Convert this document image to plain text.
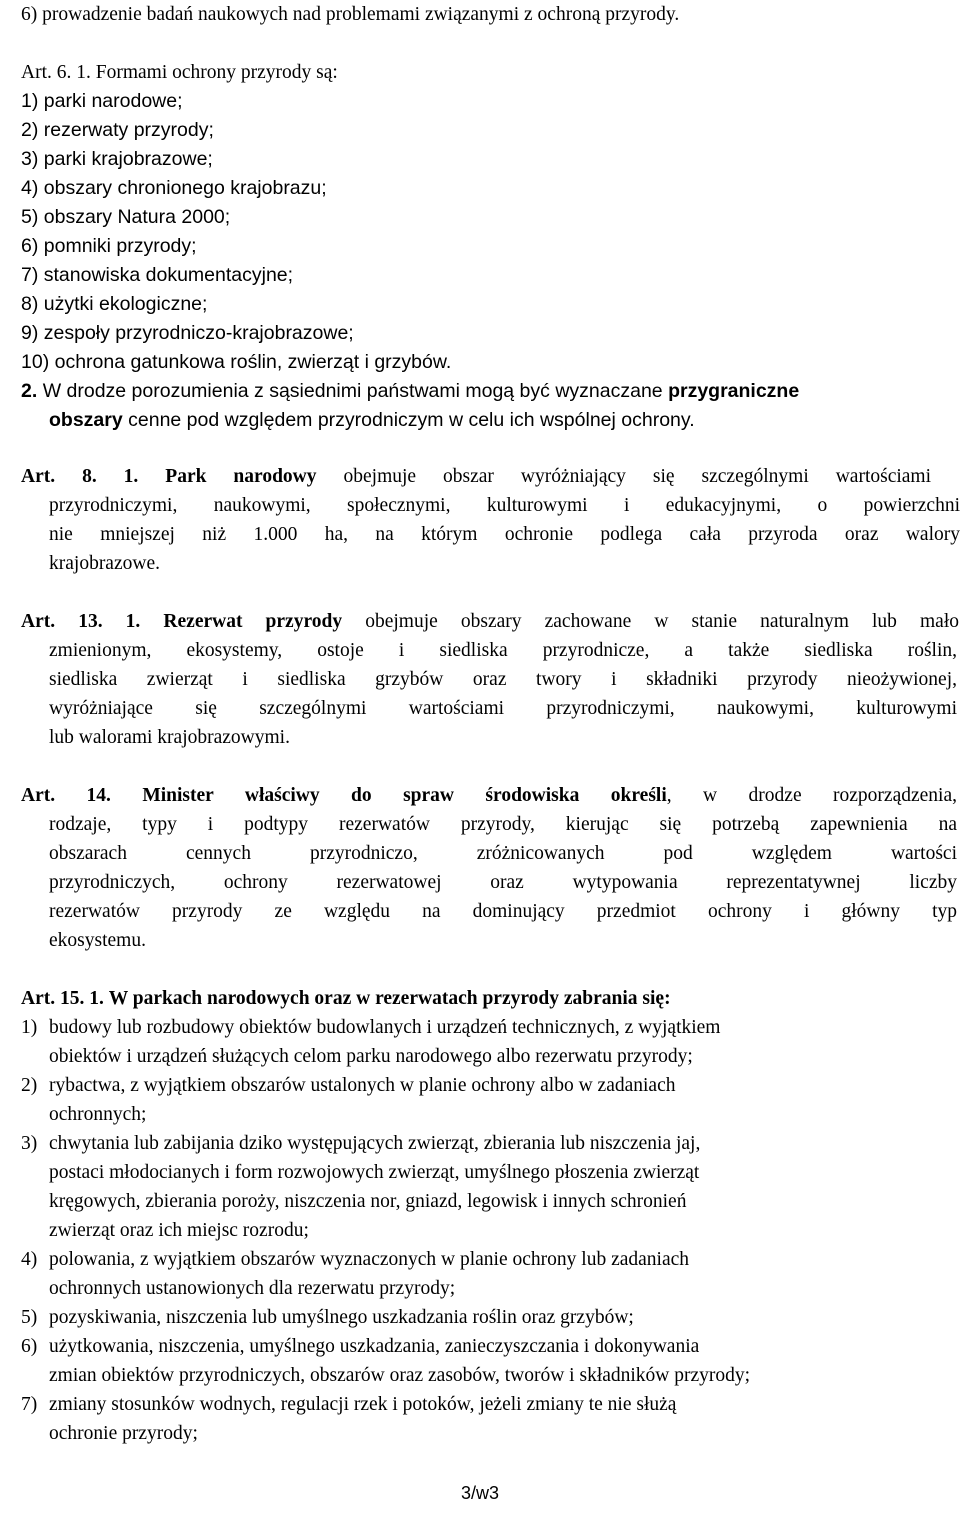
6) prowadzenie badań naukowych nad problemami związanymi z ochroną przyrody.
Art. 6. 1. Formami ochrony przyrody są:
1) parki narodowe;
2) rezerwaty przyrody;
3) parki krajobrazowe;
4) obszary chronionego krajobrazu;
5) obszary Natura 2000;
6) pomniki przyrody;
7) stanowiska dokumentacyjne;
8) użytki ekologiczne;
9) zespoły przyrodniczo-krajobrazowe;
10) ochrona gatunkowa roślin, zwierząt i grzybów.
2. W drodze porozumienia z sąsiednimi państwami mogą być wyznaczane przygraniczne
obszary cenne pod względem przyrodniczym w celu ich wspólnej ochrony.
Art. 8. 1. Park narodowy obejmuje obszar wyróżniający się szczególnymi wartościami
przyrodniczymi, naukowymi, społecznymi, kulturowymi i edukacyjnymi, o powierzchni
nie mniejszej niż 1.000 ha, na którym ochronie podlega cała przyroda oraz walory
krajobrazowe.
Art. 13. 1. Rezerwat przyrody obejmuje obszary zachowane w stanie naturalnym lub mało
zmienionym, ekosystemy, ostoje i siedliska przyrodnicze, a także siedliska roślin,
siedliska zwierząt i siedliska grzybów oraz twory i składniki przyrody nieożywionej,
wyróżniające się szczególnymi wartościami przyrodniczymi, naukowymi, kulturowymi
lub walorami krajobrazowymi.
Art. 14. Minister właściwy do spraw środowiska określi, w drodze rozporządzenia,
rodzaje, typy i podtypy rezerwatów przyrody, kierując się potrzebą zapewnienia na
obszarach cennych przyrodniczo, zróżnicowanych pod względem wartości
przyrodniczych, ochrony rezerwatowej oraz wytypowania reprezentatywnej liczby
rezerwatów przyrody ze względu na dominujący przedmiot ochrony i główny typ
ekosystemu.
Art. 15. 1. W parkach narodowych oraz w rezerwatach przyrody zabrania się:
1) budowy lub rozbudowy obiektów budowlanych i urządzeń technicznych, z wyjątkiem
obiektów i urządzeń służących celom parku narodowego albo rezerwatu przyrody;
2) rybactwa, z wyjątkiem obszarów ustalonych w planie ochrony albo w zadaniach
ochronnych;
3) chwytania lub zabijania dziko występujących zwierząt, zbierania lub niszczenia jaj,
postaci młodocianych i form rozwojowych zwierząt, umyślnego płoszenia zwierząt
kręgowych, zbierania poroży, niszczenia nor, gniazd, legowisk i innych schronień
zwierząt oraz ich miejsc rozrodu;
4) polowania, z wyjątkiem obszarów wyznaczonych w planie ochrony lub zadaniach
ochronnych ustanowionych dla rezerwatu przyrody;
5) pozyskiwania, niszczenia lub umyślnego uszkadzania roślin oraz grzybów;
6) użytkowania, niszczenia, umyślnego uszkadzania, zanieczyszczania i dokonywania
zmian obiektów przyrodniczych, obszarów oraz zasobów, tworów i składników przyrody;
7) zmiany stosunków wodnych, regulacji rzek i potoków, jeżeli zmiany te nie służą
ochronie przyrody;
3/w3
